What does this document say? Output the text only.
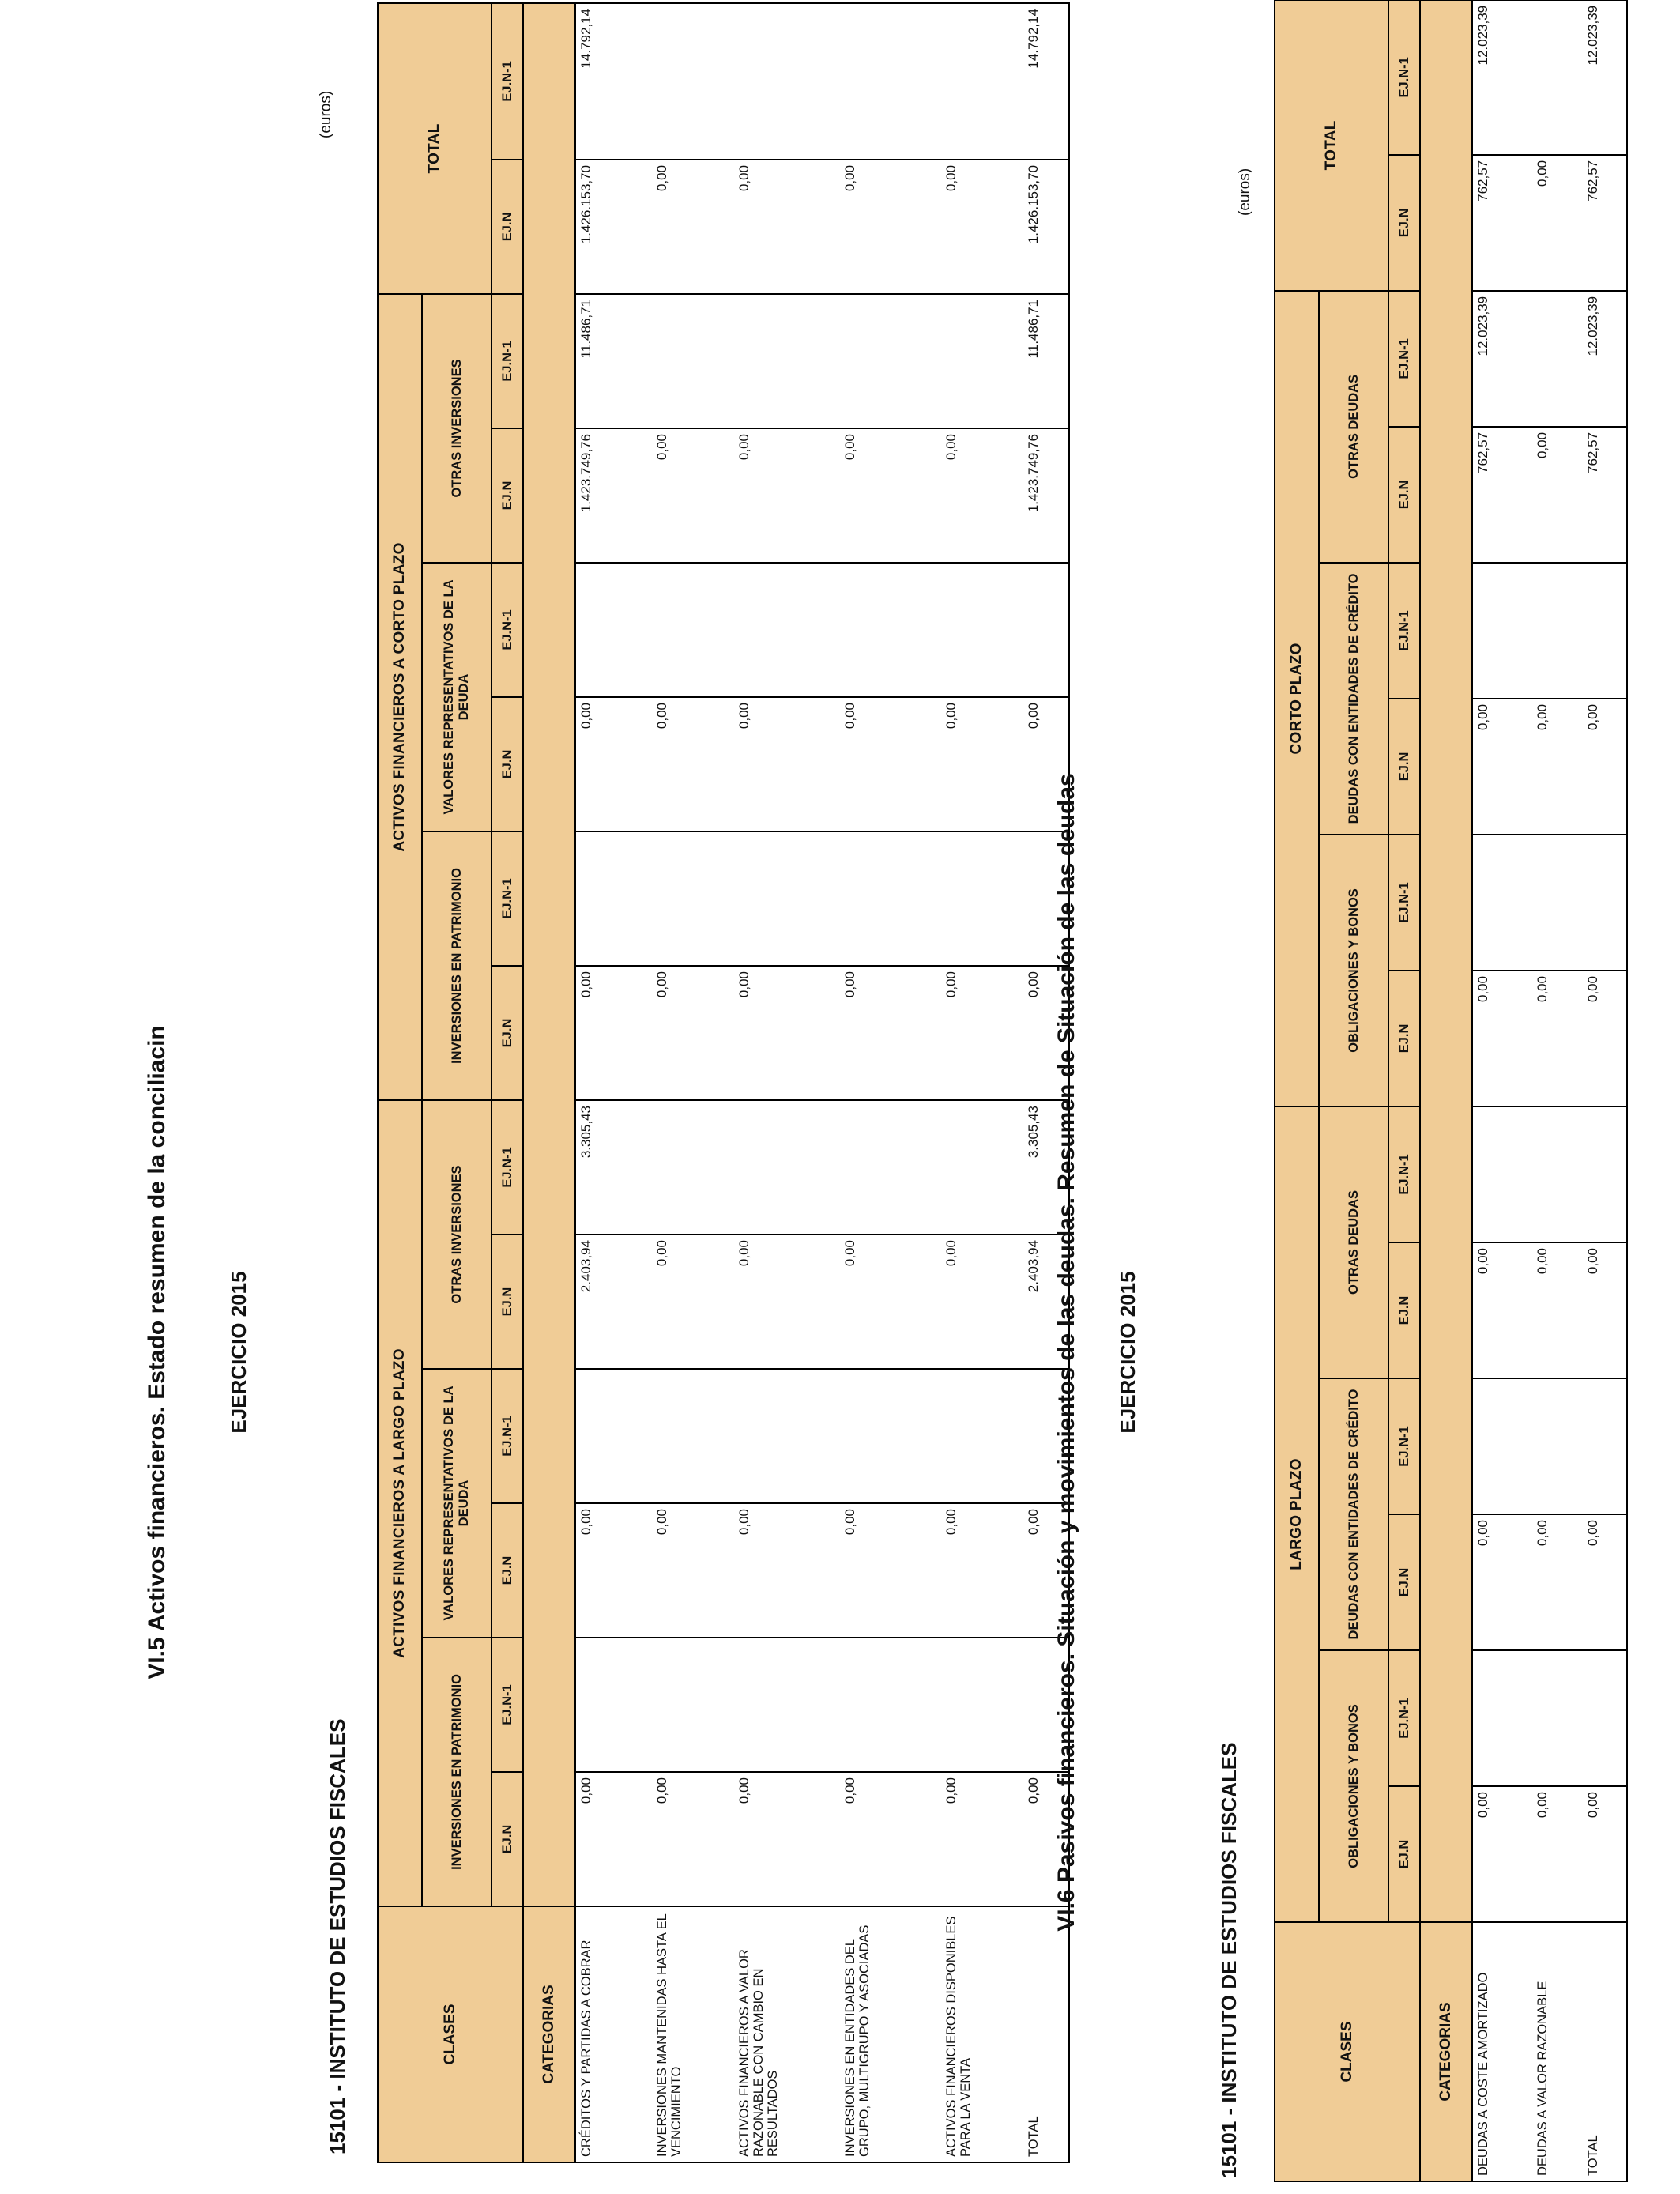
VI.5 Activos financieros. Estado resumen de la conciliacin	EJERCICIO 2015
15101 - INSTITUTO DE ESTUDIOS FISCALES
(euros)
CLASES	ACTIVOS FINANCIEROS A LARGO PLAZO						ACTIVOS FINANCIEROS A CORTO PLAZO						TOTAL	
	INVERSIONES EN PATRIMONIO		VALORES REPRESENTATIVOS DE LA DEUDA		OTRAS INVERSIONES		INVERSIONES EN PATRIMONIO		VALORES REPRESENTATIVOS DE LA DEUDA		OTRAS INVERSIONES			
	EJ.N	EJ.N-1	EJ.N	EJ.N-1	EJ.N	EJ.N-1	EJ.N	EJ.N-1	EJ.N	EJ.N-1	EJ.N	EJ.N-1	EJ.N	EJ.N-1
CATEGORIAS														
CRÉDITOS Y PARTIDAS A COBRAR	0,00		0,00		2.403,94	3.305,43	0,00		0,00		1.423.749,76	11.486,71	1.426.153,70	14.792,14
INVERSIONES MANTENIDAS HASTA EL VENCIMIENTO	0,00		0,00		0,00		0,00		0,00		0,00		0,00	
ACTIVOS FINANCIEROS A VALOR RAZONABLE CON CAMBIO EN RESULTADOS	0,00		0,00		0,00		0,00		0,00		0,00		0,00	
INVERSIONES EN ENTIDADES DEL GRUPO, MULTIGRUPO Y ASOCIADAS	0,00		0,00		0,00		0,00		0,00		0,00		0,00	
ACTIVOS FINANCIEROS DISPONIBLES PARA LA VENTA	0,00		0,00		0,00		0,00		0,00		0,00		0,00	
TOTAL	0,00		0,00		2.403,94	3.305,43	0,00		0,00		1.423.749,76	11.486,71	1.426.153,70	14.792,14
VI.6 Pasivos financieros. Situación y movimientos de las deudas. Resumen de Situación de las deudas EJERCICIO 2015
15101 - INSTITUTO DE ESTUDIOS FISCALES
(euros)
CLASES	LARGO PLAZO						CORTO PLAZO						TOTAL	
	OBLIGACIONES Y BONOS		DEUDAS CON ENTIDADES DE CRÉDITO		OTRAS DEUDAS		OBLIGACIONES Y BONOS		DEUDAS CON ENTIDADES DE CRÉDITO		OTRAS DEUDAS			
	EJ.N	EJ.N-1	EJ.N	EJ.N-1	EJ.N	EJ.N-1	EJ.N	EJ.N-1	EJ.N	EJ.N-1	EJ.N	EJ.N-1	EJ.N	EJ.N-1
CATEGORIAS														
DEUDAS A COSTE AMORTIZADO	0,00		0,00		0,00		0,00		0,00		762,57	12.023,39	762,57	12.023,39
DEUDAS A VALOR RAZONABLE	0,00		0,00		0,00		0,00		0,00		0,00		0,00	
TOTAL	0,00		0,00		0,00		0,00		0,00		762,57	12.023,39	762,57	12.023,39
